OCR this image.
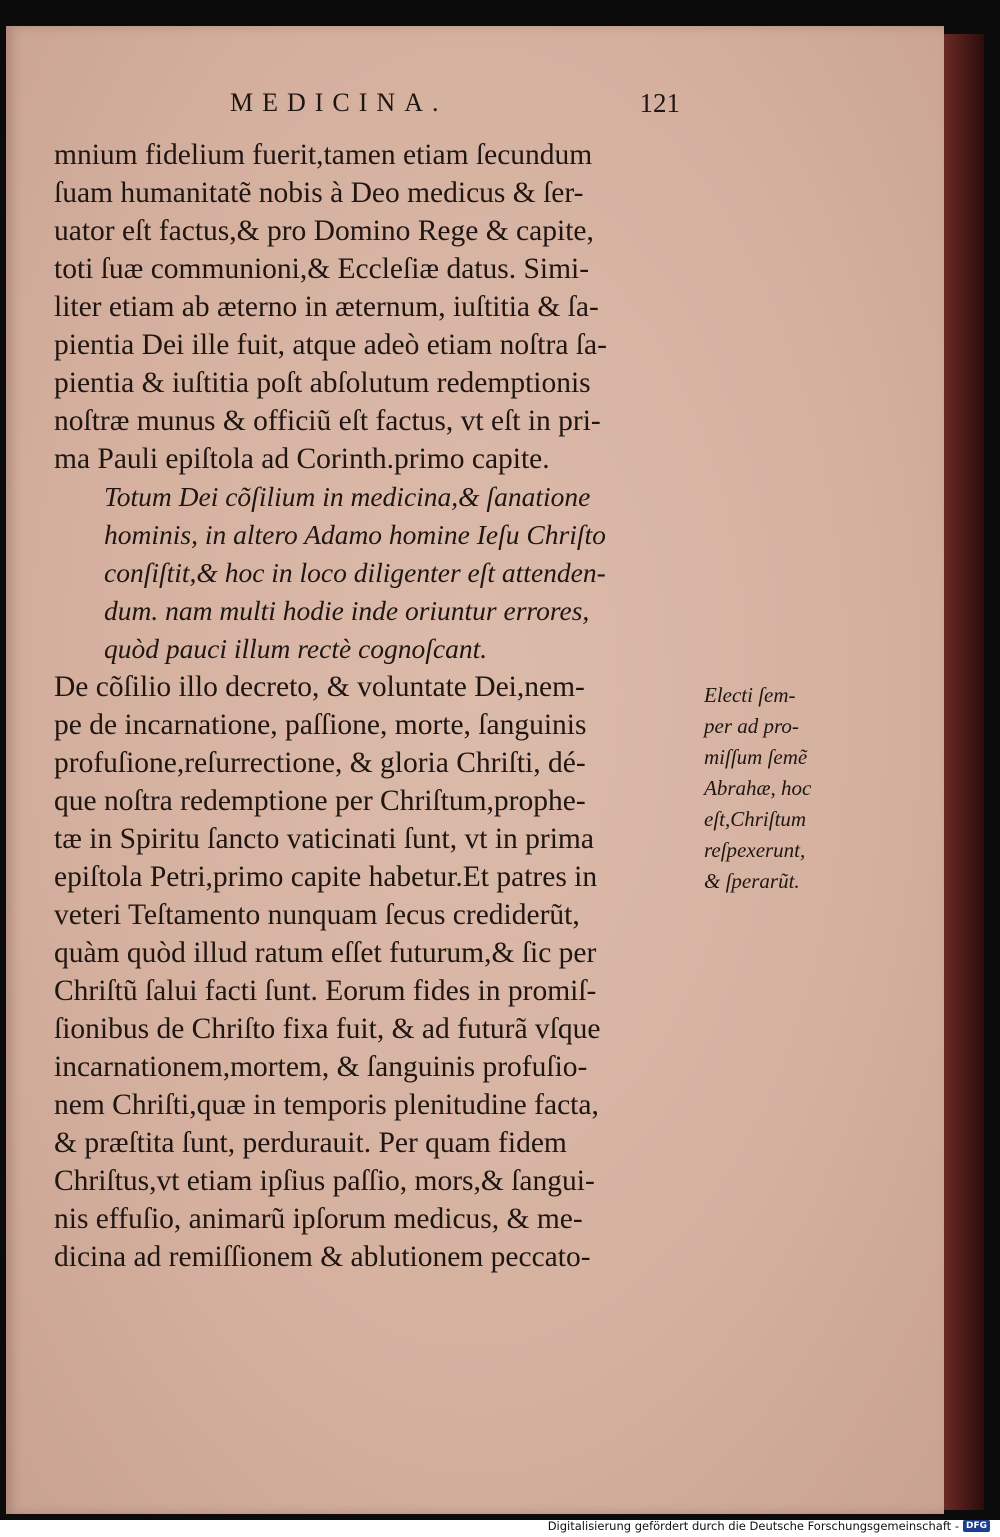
MEDICINA.	121
mnium fidelium fuerit,tamen etiam ſecundum
ſuam humanitatẽ nobis à Deo medicus & ſer-
uator eſt factus,& pro Domino Rege & capite,
toti ſuæ communioni,& Eccleſiæ datus. Simi-
liter etiam ab æterno in æternum, iuſtitia & ſa-
pientia Dei ille fuit, atque adeò etiam noſtra ſa-
pientia & iuſtitia poſt abſolutum redemptionis
noſtræ munus & officiũ eſt factus, vt eſt in pri-
ma Pauli epiſtola ad Corinth.primo capite.
Totum Dei cõſilium in medicina,& ſanatione
hominis, in altero Adamo homine Ieſu Chriſto
conſiſtit,& hoc in loco diligenter eſt attenden-
dum. nam multi hodie inde oriuntur errores,
quòd pauci illum rectè cognoſcant.
De cõſilio illo decreto, & voluntate Dei,nem-
pe de incarnatione, paſſione, morte, ſanguinis
profuſione,reſurrectione, & gloria Chriſti, dé-
que noſtra redemptione per Chriſtum,prophe-
tæ in Spiritu ſancto vaticinati ſunt, vt in prima
epiſtola Petri,primo capite habetur.Et patres in
veteri Teſtamento nunquam ſecus crediderũt,
quàm quòd illud ratum eſſet futurum,& ſic per
Chriſtũ ſalui facti ſunt. Eorum fides in promiſ-
ſionibus de Chriſto fixa fuit, & ad futurã vſque
incarnationem,mortem, & ſanguinis profuſio-
nem Chriſti,quæ in temporis plenitudine facta,
& præſtita ſunt, perdurauit. Per quam fidem
Chriſtus,vt etiam ipſius paſſio, mors,& ſangui-
nis effuſio, animarũ ipſorum medicus, & me-
dicina ad remiſſionem & ablutionem peccato-
Electi ſem-
per ad pro-
miſſum ſemẽ
Abrahæ, hoc
eſt,Chriſtum
reſpexerunt,
& ſperarũt.
Digitalisierung gefördert durch die Deutsche Forschungsgemeinschaft - DFG
